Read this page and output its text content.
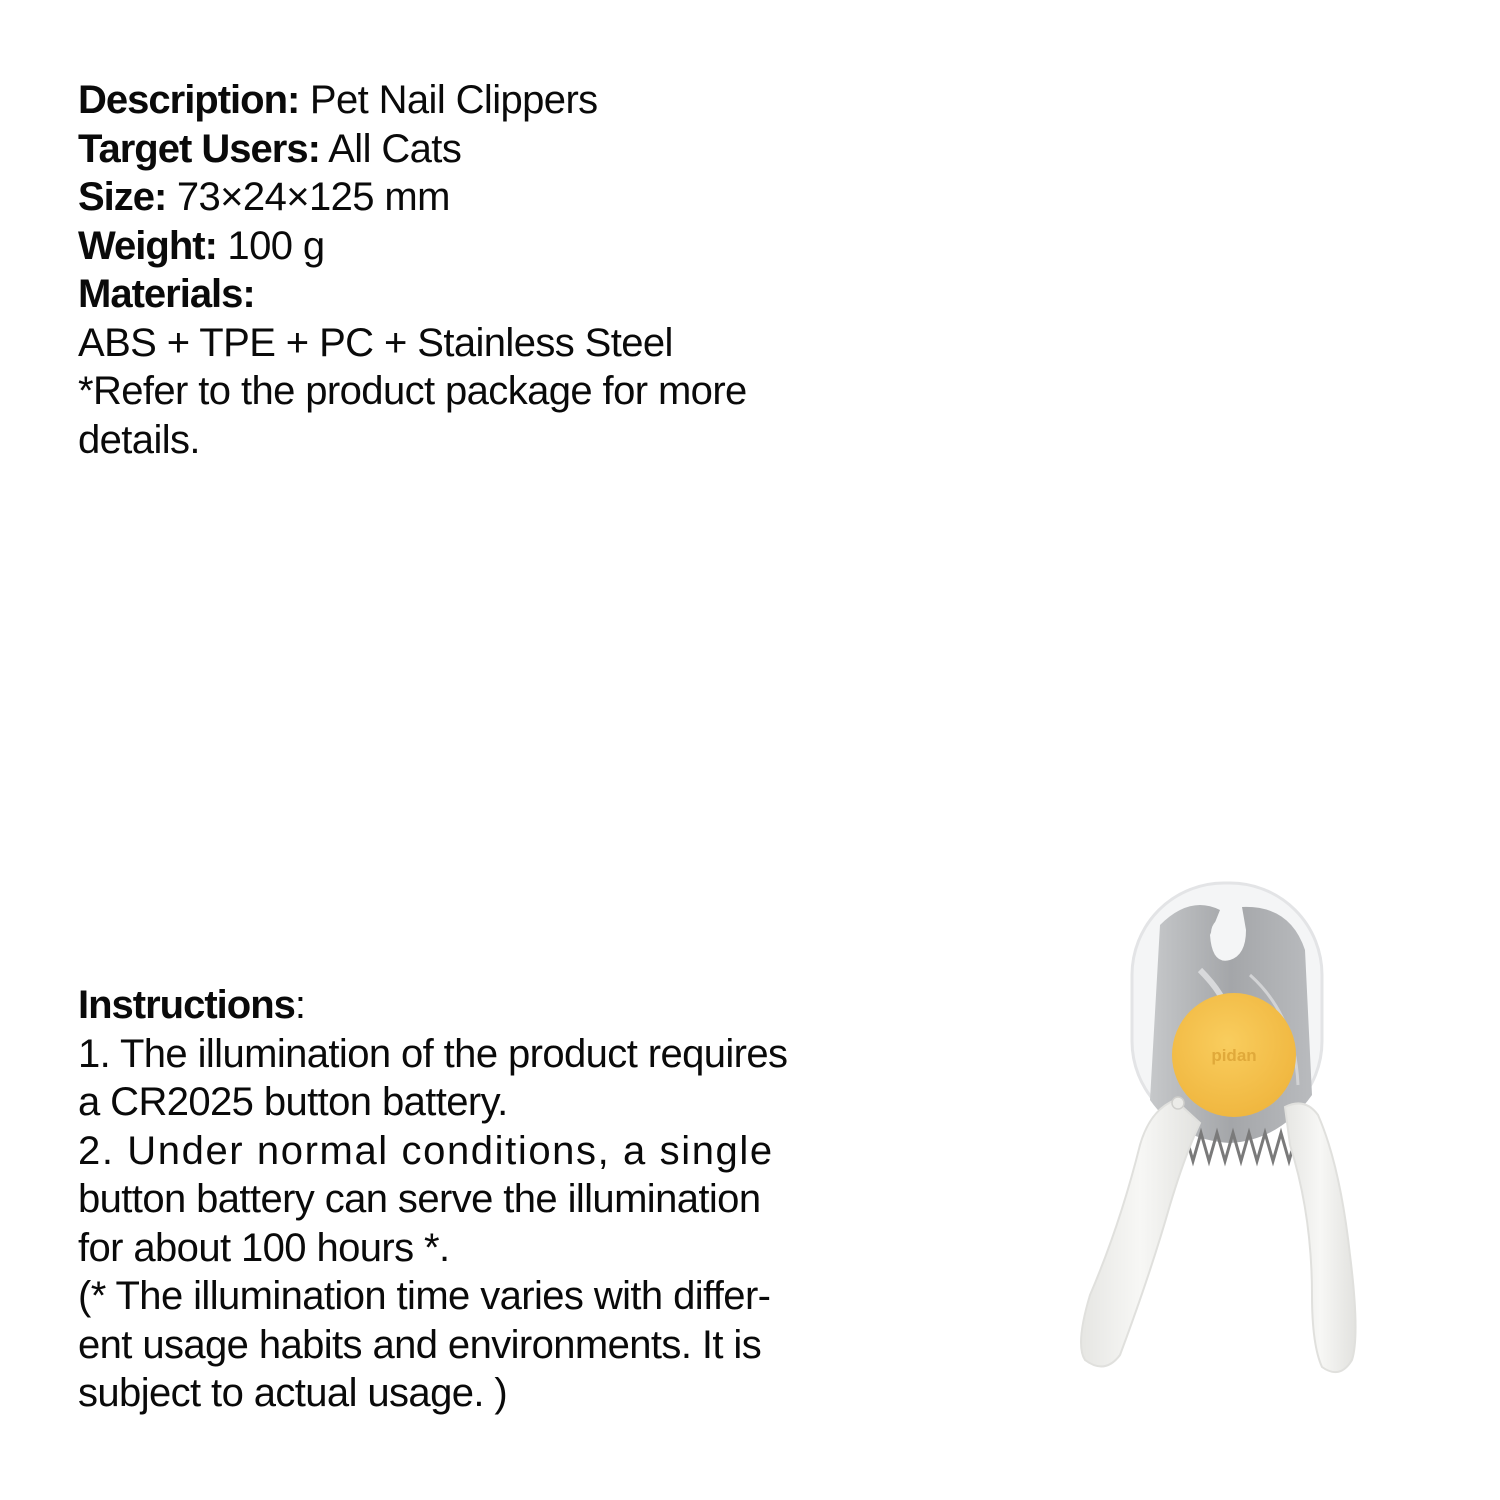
Description: Pet Nail Clippers
Target Users: All Cats
Size: 73×24×125 mm
Weight: 100 g
Materials:
ABS + TPE + PC + Stainless Steel
*Refer to the product package for more
details.
Instructions:
1. The illumination of the product requires
a CR2025 button battery.
2. Under normal conditions, a single
button battery can serve the illumination
for about 100 hours *.
(* The illumination time varies with differ-
ent usage habits and environments. It is
subject to actual usage. )
pidan
